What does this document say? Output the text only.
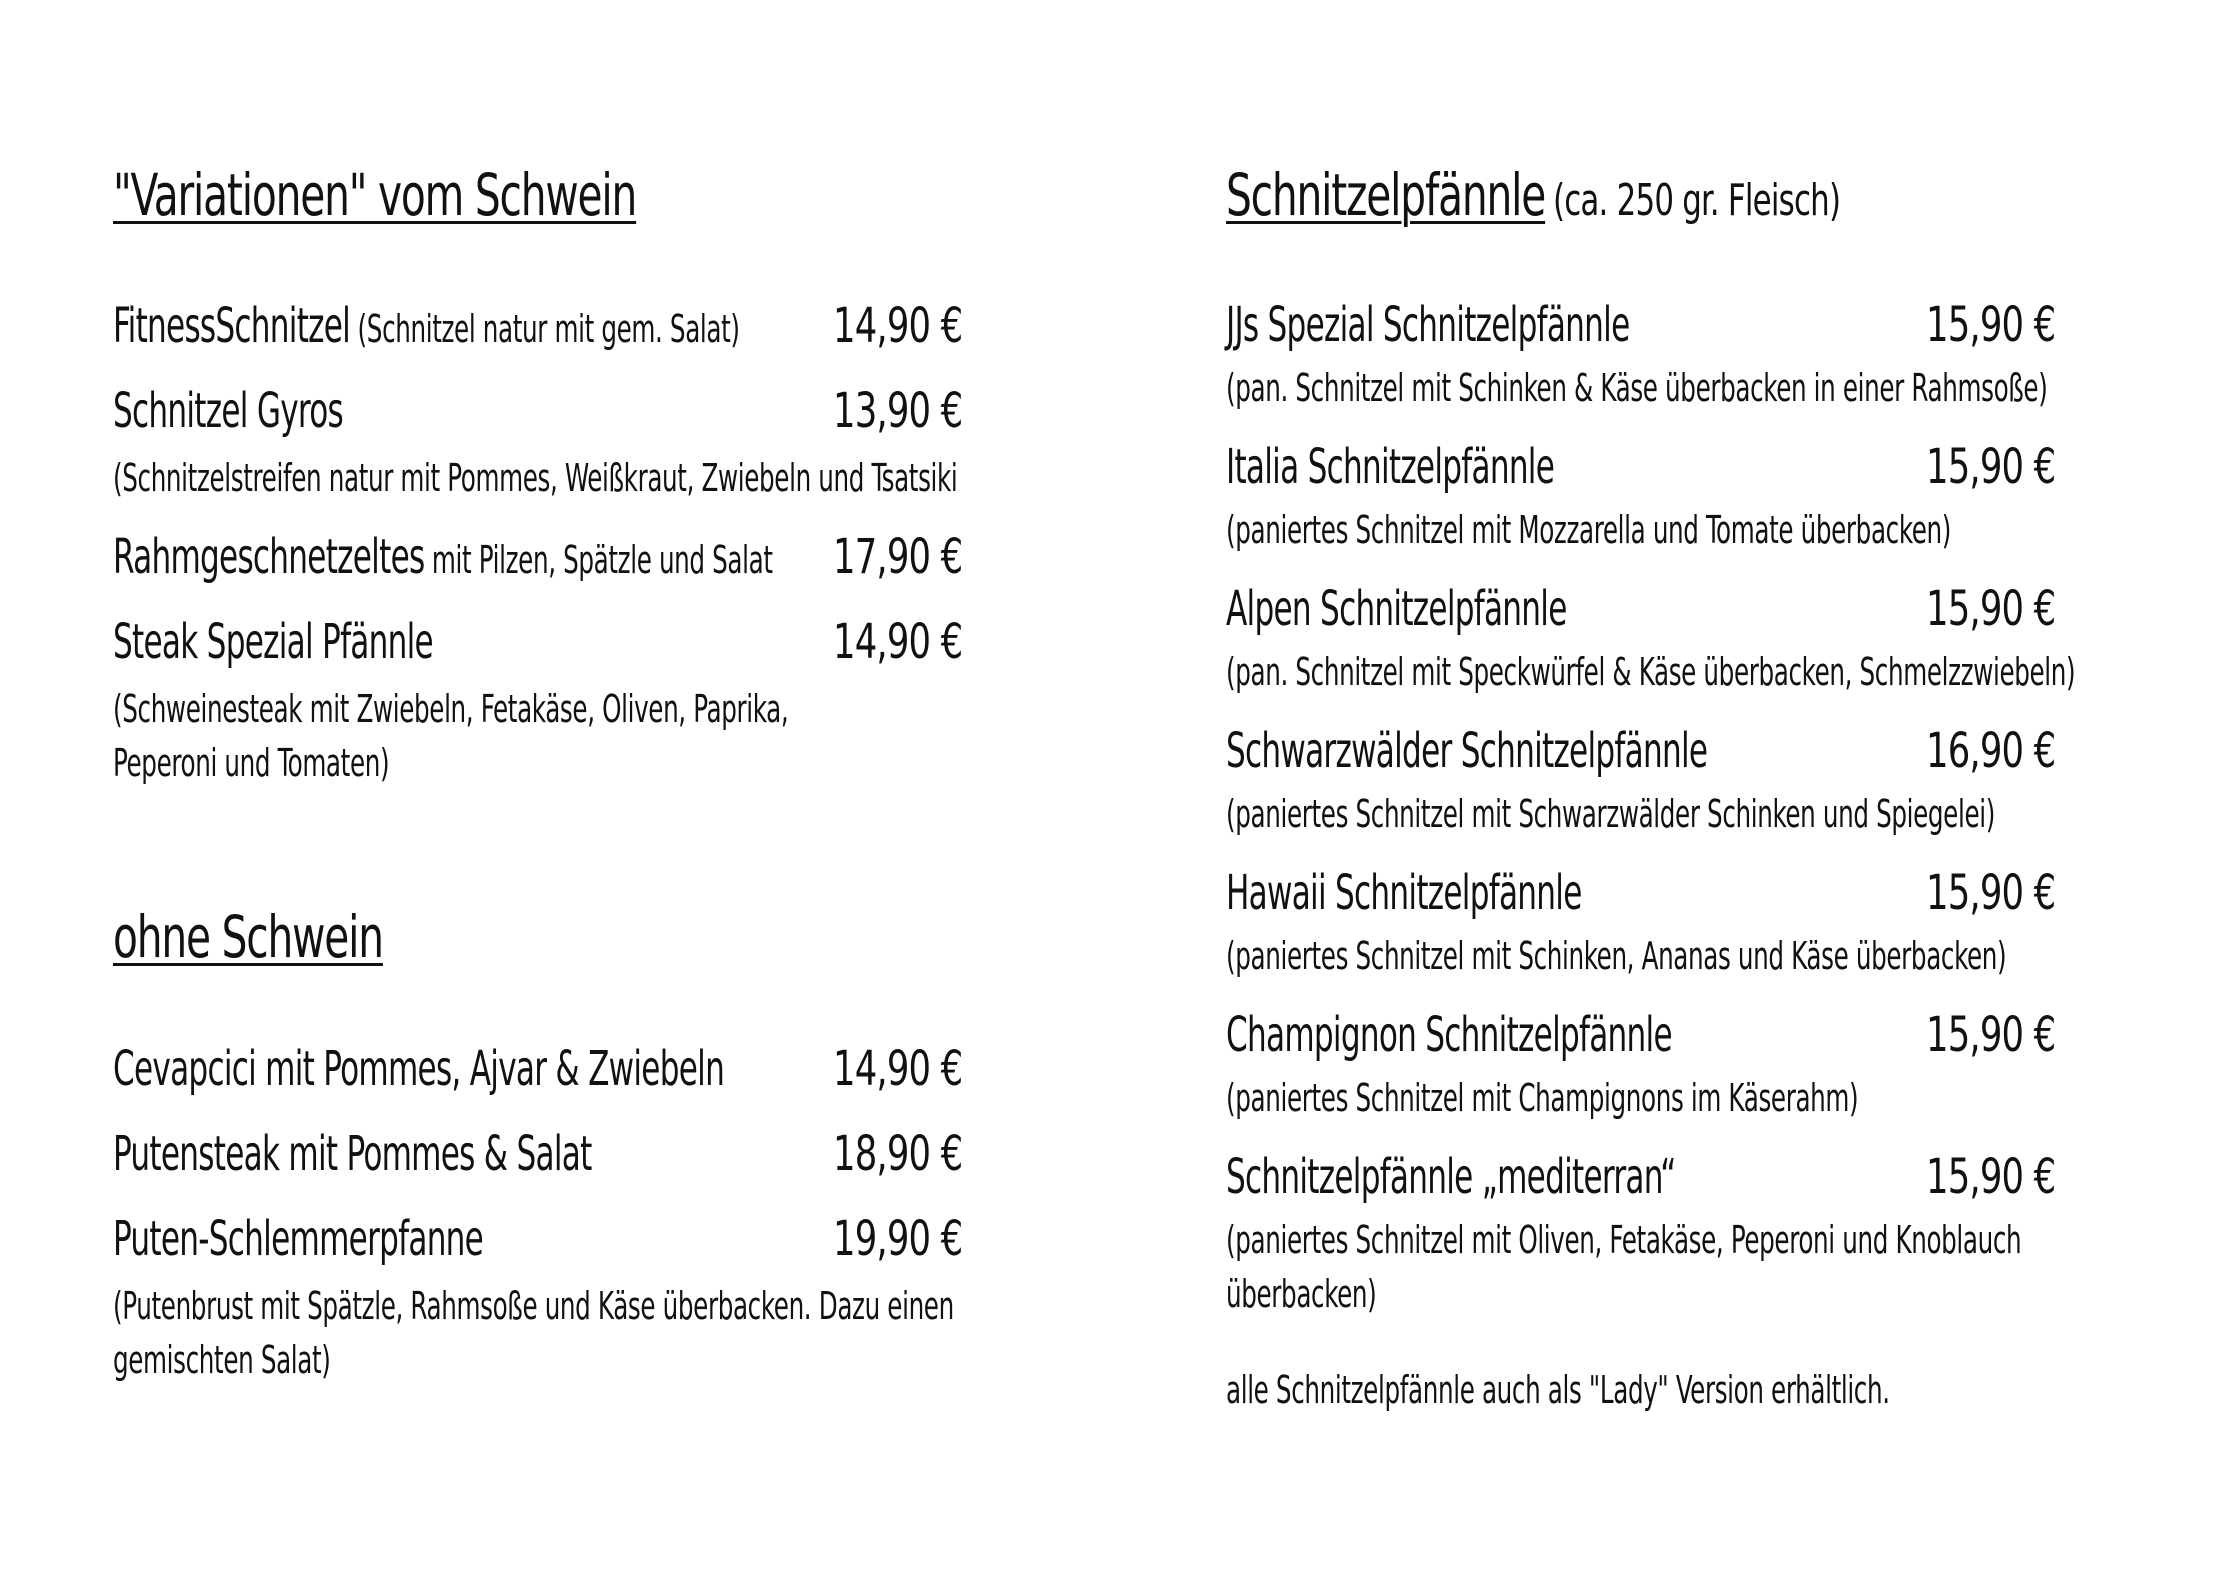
"Variationen" vom Schwein
FitnessSchnitzel (Schnitzel natur mit gem. Salat) 14,90 €
Schnitzel Gyros	13,90 €
(Schnitzelstreifen natur mit Pommes, Weißkraut, Zwiebeln und Tsatsiki
Rahmgeschnetzeltes mit Pilzen, Spätzle und Salat 17,90 €
Steak Spezial Pfännle	14,90 €
(Schweinesteak mit Zwiebeln, Fetakäse, Oliven, Paprika,
Peperoni und Tomaten)
ohne Schwein
Cevapcici mit Pommes, Ajvar & Zwiebeln 14,90 €
Putensteak mit Pommes & Salat	18,90 €
Puten-Schlemmerpfanne	19,90 €
(Putenbrust mit Spätzle, Rahmsoße und Käse überbacken. Dazu einen
gemischten Salat)
Schnitzelpfännle (ca. 250 gr. Fleisch)
JJs Spezial Schnitzelpfännle	15,90 €
(pan. Schnitzel mit Schinken & Käse überbacken in einer Rahmsoße)
Italia Schnitzelpfännle	15,90 €
(paniertes Schnitzel mit Mozzarella und Tomate überbacken)
Alpen Schnitzelpfännle	15,90 €
(pan. Schnitzel mit Speckwürfel & Käse überbacken, Schmelzzwiebeln)
Schwarzwälder Schnitzelpfännle	16,90 €
(paniertes Schnitzel mit Schwarzwälder Schinken und Spiegelei)
Hawaii Schnitzelpfännle	15,90 €
(paniertes Schnitzel mit Schinken, Ananas und Käse überbacken)
Champignon Schnitzelpfännle	15,90 €
(paniertes Schnitzel mit Champignons im Käserahm)
Schnitzelpfännle „mediterran“	15,90 €
(paniertes Schnitzel mit Oliven, Fetakäse, Peperoni und Knoblauch
überbacken)
alle Schnitzelpfännle auch als "Lady" Version erhältlich.
